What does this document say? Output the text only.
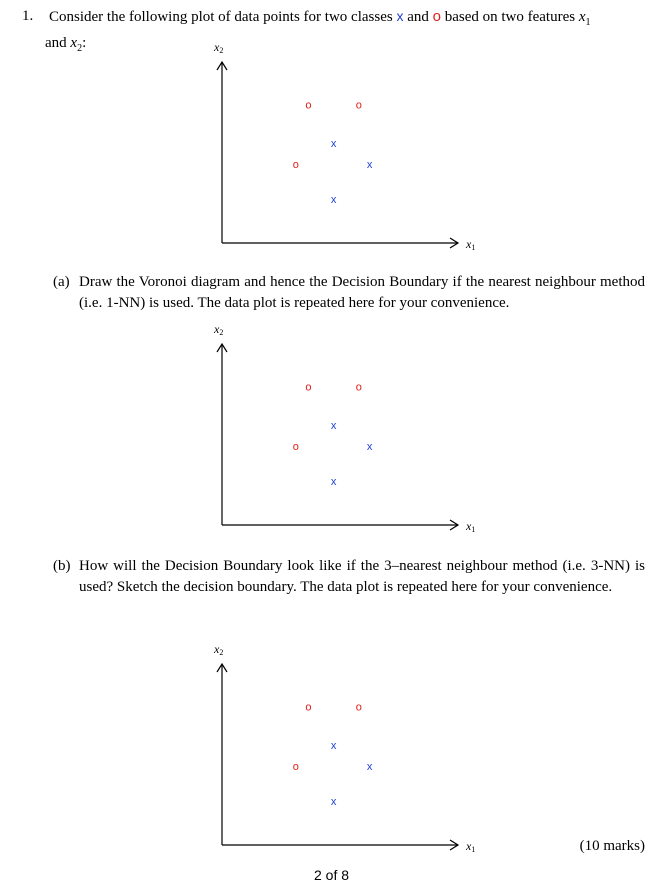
1. Consider the following plot of data points for two classes x and o based on two features $x_1$
and $x_2$:	x2
x1
o	o
x
o	x
x
(a) Draw the Voronoi diagram and hence the Decision Boundary if the nearest neighbour method (i.e. 1-NN) is used. The data plot is repeated here for your convenience.
x2
x1
o	o
x
o	x
x
(b) How will the Decision Boundary look like if the 3–nearest neighbour method (i.e. 3-NN) is used? Sketch the decision boundary. The data plot is repeated here for your convenience.
x2
x1
o	o
x
o	x
x
(10 marks)
2 of 8
